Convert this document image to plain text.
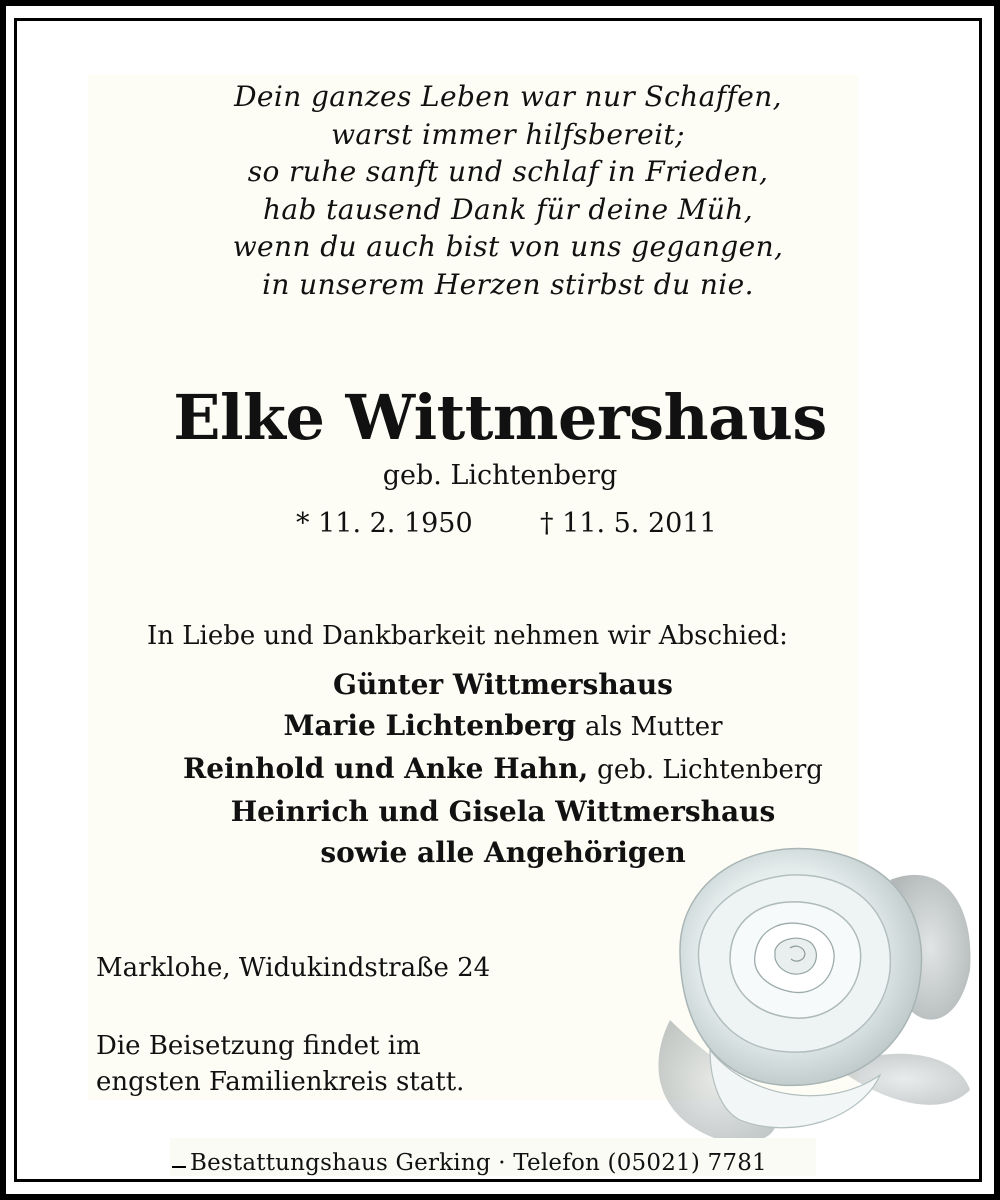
Dein ganzes Leben war nur Schaffen,
warst immer hilfsbereit;
so ruhe sanft und schlaf in Frieden,
hab tausend Dank für deine Müh,
wenn du auch bist von uns gegangen,
in unserem Herzen stirbst du nie.
Elke Wittmershaus
geb. Lichtenberg
* 11. 2. 1950 † 11. 5. 2011
In Liebe und Dankbarkeit nehmen wir Abschied:
Günter Wittmershaus
Marie Lichtenberg als Mutter
Reinhold und Anke Hahn, geb. Lichtenberg
Heinrich und Gisela Wittmershaus
sowie alle Angehörigen
Marklohe, Widukindstraße 24
Die Beisetzung findet im
engsten Familienkreis statt.
Bestattungshaus Gerking · Telefon (05021) 7781
